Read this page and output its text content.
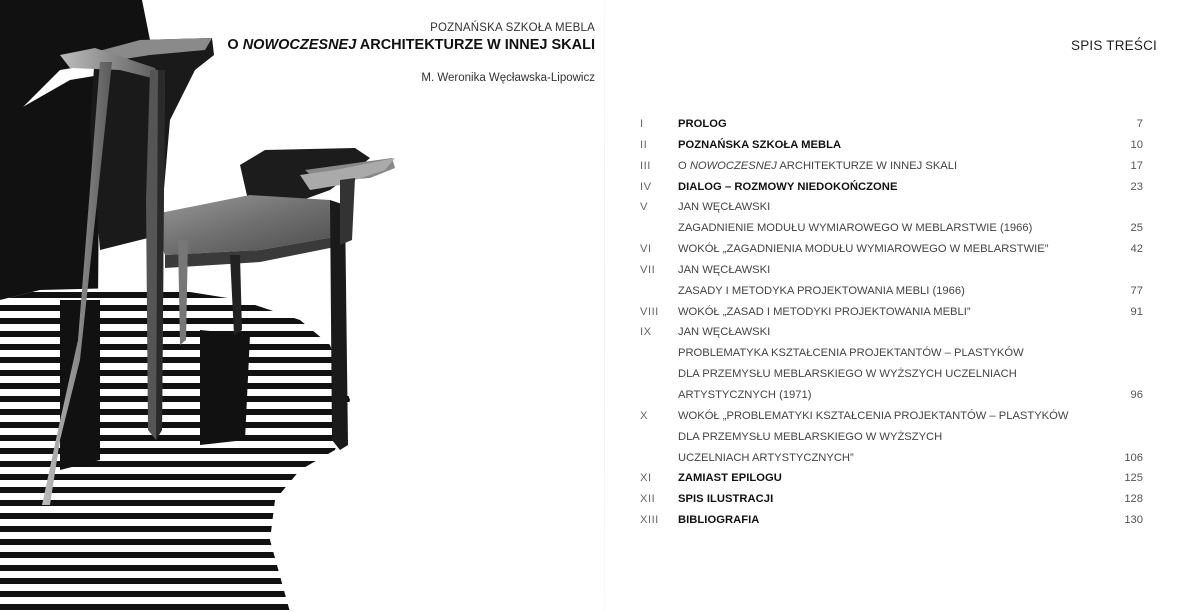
POZNAŃSKA SZKOŁA MEBLA
O NOWOCZESNEJ ARCHITEKTURZE W INNEJ SKALI
M. Weronika Węcławska-Lipowicz
SPIS TREŚCI
I	PROLOG	7
II	POZNAŃSKA SZKOŁA MEBLA	10
III	O NOWOCZESNEJ ARCHITEKTURZE W INNEJ SKALI	17
IV	DIALOG – ROZMOWY NIEDOKOŃCZONE	23
V	JAN WĘCŁAWSKI
ZAGADNIENIE MODUŁU WYMIAROWEGO W MEBLARSTWIE (1966)	25
VI	WOKÓŁ „ZAGADNIENIA MODUŁU WYMIAROWEGO W MEBLARSTWIE”	42
VII	JAN WĘCŁAWSKI
ZASADY I METODYKA PROJEKTOWANIA MEBLI (1966)	77
VIII	WOKÓŁ „ZASAD I METODYKI PROJEKTOWANIA MEBLI”	91
IX	JAN WĘCŁAWSKI
PROBLEMATYKA KSZTAŁCENIA PROJEKTANTÓW – PLASTYKÓW
DLA PRZEMYSŁU MEBLARSKIEGO W WYŻSZYCH UCZELNIACH
ARTYSTYCZNYCH (1971)	96
X	WOKÓŁ „PROBLEMATYKI KSZTAŁCENIA PROJEKTANTÓW – PLASTYKÓW
DLA PRZEMYSŁU MEBLARSKIEGO W WYŻSZYCH
UCZELNIACH ARTYSTYCZNYCH”	106
XI	ZAMIAST EPILOGU	125
XII	SPIS ILUSTRACJI	128
XIII	BIBLIOGRAFIA	130
